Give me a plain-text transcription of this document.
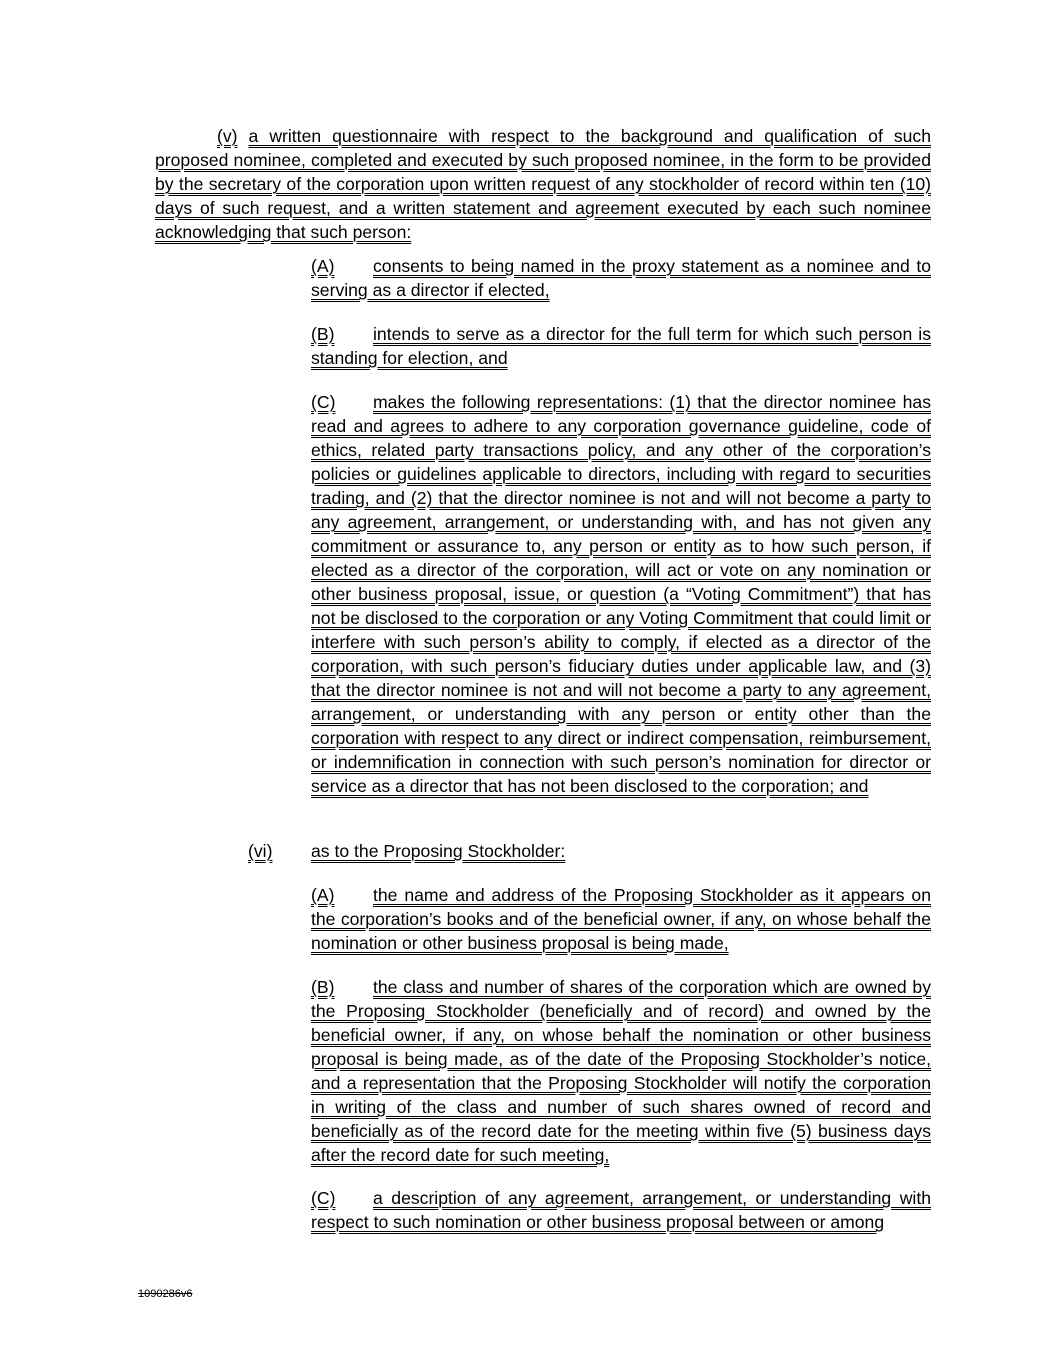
(v) a written questionnaire with respect to the background and qualification of such proposed nominee, completed and executed by such proposed nominee, in the form to be provided by the secretary of the corporation upon written request of any stockholder of record within ten (10) days of such request, and a written statement and agreement executed by each such nominee acknowledging that such person:

(A) consents to being named in the proxy statement as a nominee and to serving as a director if elected,

(B) intends to serve as a director for the full term for which such person is standing for election, and

(C) makes the following representations: (1) that the director nominee has read and agrees to adhere to any corporation governance guideline, code of ethics, related party transactions policy, and any other of the corporation’s policies or guidelines applicable to directors, including with regard to securities trading, and (2) that the director nominee is not and will not become a party to any agreement, arrangement, or understanding with, and has not given any commitment or assurance to, any person or entity as to how such person, if elected as a director of the corporation, will act or vote on any nomination or other business proposal, issue, or question (a “Voting Commitment”) that has not be disclosed to the corporation or any Voting Commitment that could limit or interfere with such person’s ability to comply, if elected as a director of the corporation, with such person’s fiduciary duties under applicable law, and (3) that the director nominee is not and will not become a party to any agreement, arrangement, or understanding with any person or entity other than the corporation with respect to any direct or indirect compensation, reimbursement, or indemnification in connection with such person’s nomination for director or service as a director that has not been disclosed to the corporation; and

(vi) as to the Proposing Stockholder:

(A) the name and address of the Proposing Stockholder as it appears on the corporation’s books and of the beneficial owner, if any, on whose behalf the nomination or other business proposal is being made,

(B) the class and number of shares of the corporation which are owned by the Proposing Stockholder (beneficially and of record) and owned by the beneficial owner, if any, on whose behalf the nomination or other business proposal is being made, as of the date of the Proposing Stockholder’s notice, and a representation that the Proposing Stockholder will notify the corporation in writing of the class and number of such shares owned of record and beneficially as of the record date for the meeting within five (5) business days after the record date for such meeting,

(C) a description of any agreement, arrangement, or understanding with respect to such nomination or other business proposal between or among

1090286v6
